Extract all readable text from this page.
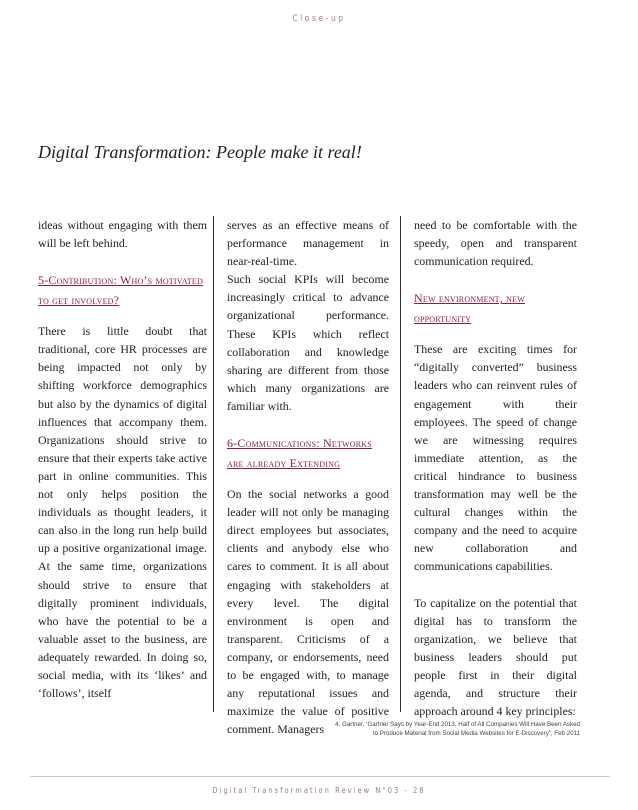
Close-up
Digital Transformation: People make it real!

ideas without engaging with them will be left behind.

5-Contribution: Who’s motivated to get involved?

There is little doubt that traditional, core HR processes are being impacted not only by shifting workforce demographics but also by the dynamics of digital influences that accompany them. Organizations should strive to ensure that their experts take active part in online communities. This not only helps position the individuals as thought leaders, it can also in the long run help build up a positive organizational image. At the same time, organizations should strive to ensure that digitally prominent individuals, who have the potential to be a valuable asset to the business, are adequately rewarded. In doing so, social media, with its ‘likes’ and ‘follows’, itself

serves as an effective means of performance management in near-real-time.

Such social KPIs will become increasingly critical to advance organizational performance. These KPIs which reflect collaboration and knowledge sharing are different from those which many organizations are familiar with.

6-Communications: Networks are already Extending

On the social networks a good leader will not only be managing direct employees but associates, clients and anybody else who cares to comment. It is all about engaging with stakeholders at every level. The digital environment is open and transparent. Criticisms of a company, or endorsements, need to be engaged with, to manage any reputational issues and maximize the value of positive comment. Managers

need to be comfortable with the speedy, open and transparent communication required.

New environment, new opportunity

These are exciting times for “digitally converted” business leaders who can reinvent rules of engagement with their employees. The speed of change we are witnessing requires immediate attention, as the critical hindrance to business transformation may well be the cultural changes within the company and the need to acquire new collaboration and communications capabilities.

To capitalize on the potential that digital has to transform the organization, we believe that business leaders should put people first in their digital agenda, and structure their approach around 4 key principles:

4. Gartner, ‘Gartner Says by Year-End 2013, Half of All Companies Will Have Been Asked
to Produce Material from Social Media Websites for E-Discovery”, Feb 2011
Digital Transformation Review N°03 - 28
